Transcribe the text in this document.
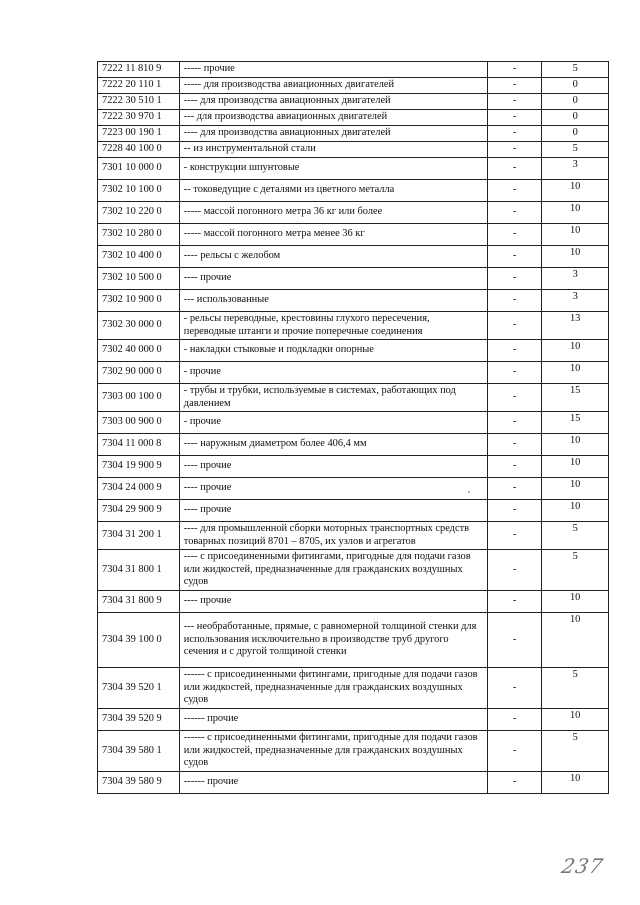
7222 11 810 9	----- прочие	-	5
7222 20 110 1	----- для производства авиационных двигателей	-	0
7222 30 510 1	---- для производства авиационных двигателей	-	0
7222 30 970 1	--- для производства авиационных двигателей	-	0
7223 00 190 1	---- для производства авиационных двигателей	-	0
7228 40 100 0	-- из инструментальной стали	-	5
7301 10 000 0	- конструкции шпунтовые	-	3
7302 10 100 0	-- токоведущие с деталями из цветного металла	-	10
7302 10 220 0	----- массой погонного метра 36 кг или более	-	10
7302 10 280 0	----- массой погонного метра менее 36 кг	-	10
7302 10 400 0	---- рельсы с желобом	-	10
7302 10 500 0	---- прочие	-	3
7302 10 900 0	--- использованные	-	3
7302 30 000 0	- рельсы переводные, крестовины глухого пересечения, переводные штанги и прочие поперечные соединения	-	13
7302 40 000 0	- накладки стыковые и подкладки опорные	-	10
7302 90 000 0	- прочие	-	10
7303 00 100 0	- трубы и трубки, используемые в системах, работающих под давлением	-	15
7303 00 900 0	- прочие	-	15
7304 11 000 8	---- наружным диаметром более 406,4 мм	-	10
7304 19 900 9	---- прочие	-	10
7304 24 000 9	---- прочие	-	10
7304 29 900 9	---- прочие	-	10
7304 31 200 1	---- для промышленной сборки моторных транспортных средств товарных позиций 8701 – 8705, их узлов и агрегатов	-	5
7304 31 800 1	---- с присоединенными фитингами, пригодные для подачи газов или жидкостей, предназначенные для гражданских воздушных судов	-	5
7304 31 800 9	---- прочие	-	10
7304 39 100 0	--- необработанные, прямые, с равномерной толщиной стенки для использования исключительно в производстве труб другого сечения и с другой толщиной стенки	-	10
7304 39 520 1	------ с присоединенными фитингами, пригодные для подачи газов или жидкостей, предназначенные для гражданских воздушных судов	-	5
7304 39 520 9	------ прочие	-	10
7304 39 580 1	------ с присоединенными фитингами, пригодные для подачи газов или жидкостей, предназначенные для гражданских воздушных судов	-	5
7304 39 580 9	------ прочие	-	10
237
